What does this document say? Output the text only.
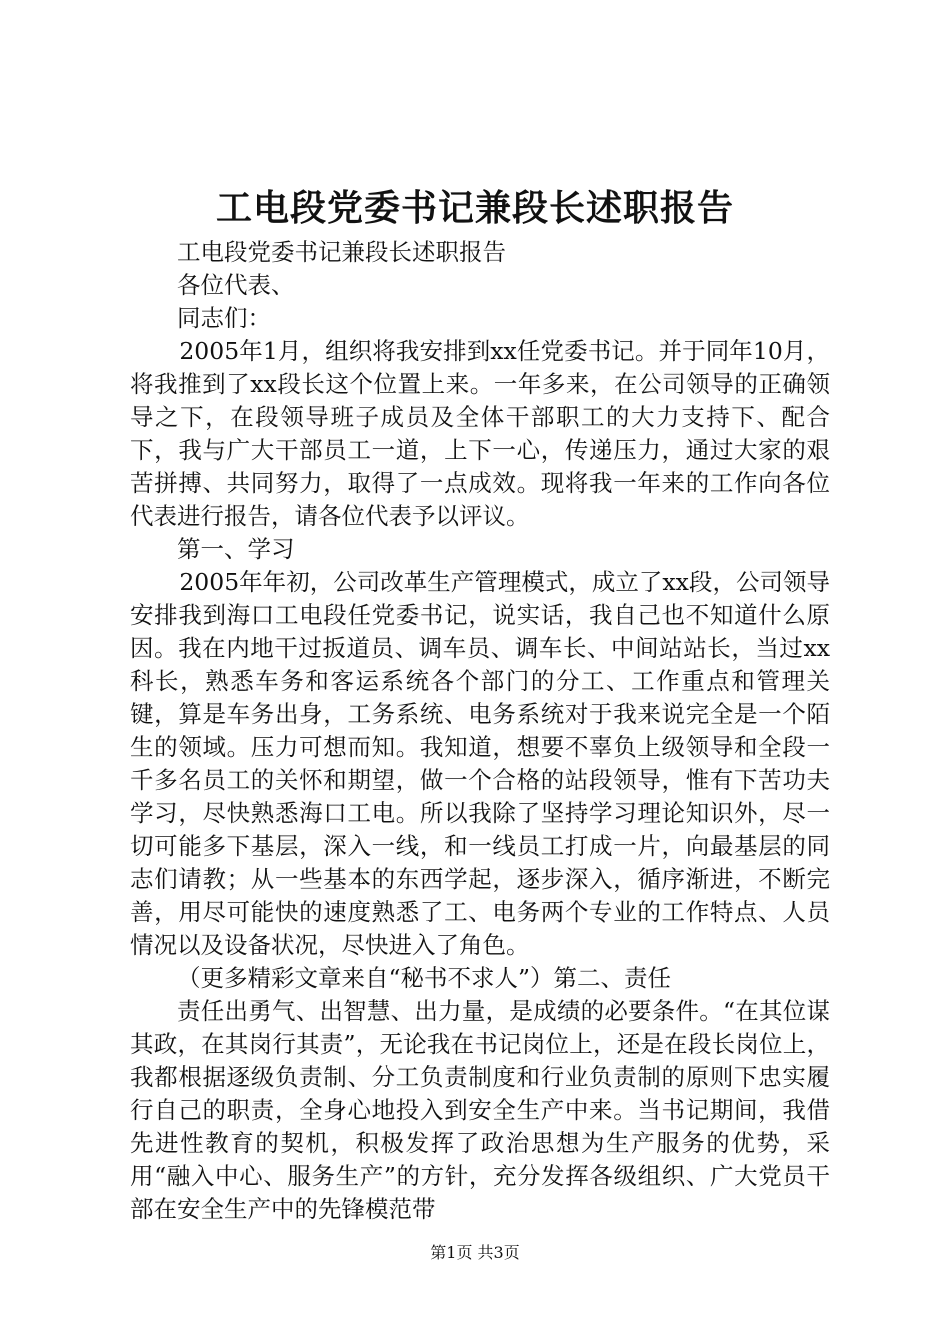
工电段党委书记兼段长述职报告

工电段党委书记兼段长述职报告

各位代表、

同志们：

2005年1月，组织将我安排到xx任党委书记。并于同年10月，将我推到了xx段长这个位置上来。一年多来，在公司领导的正确领导之下，在段领导班子成员及全体干部职工的大力支持下、配合下，我与广大干部员工一道，上下一心，传递压力，通过大家的艰苦拼搏、共同努力，取得了一点成效。现将我一年来的工作向各位代表进行报告，请各位代表予以评议。

第一、学习

2005年年初，公司改革生产管理模式，成立了xx段，公司领导安排我到海口工电段任党委书记，说实话，我自己也不知道什么原因。我在内地干过扳道员、调车员、调车长、中间站站长，当过xx科长，熟悉车务和客运系统各个部门的分工、工作重点和管理关键，算是车务出身，工务系统、电务系统对于我来说完全是一个陌生的领域。压力可想而知。我知道，想要不辜负上级领导和全段一千多名员工的关怀和期望，做一个合格的站段领导，惟有下苦功夫学习，尽快熟悉海口工电。所以我除了坚持学习理论知识外，尽一切可能多下基层，深入一线，和一线员工打成一片，向最基层的同志们请教；从一些基本的东西学起，逐步深入，循序渐进，不断完善，用尽可能快的速度熟悉了工、电务两个专业的工作特点、人员情况以及设备状况，尽快进入了角色。

（更多精彩文章来自“秘书不求人”）第二、责任

责任出勇气、出智慧、出力量，是成绩的必要条件。“在其位谋其政，在其岗行其责”，无论我在书记岗位上，还是在段长岗位上，我都根据逐级负责制、分工负责制度和行业负责制的原则下忠实履行自己的职责，全身心地投入到安全生产中来。当书记期间，我借先进性教育的契机，积极发挥了政治思想为生产服务的优势，采用“融入中心、服务生产”的方针，充分发挥各级组织、广大党员干部在安全生产中的先锋模范带

第1页 共3页
